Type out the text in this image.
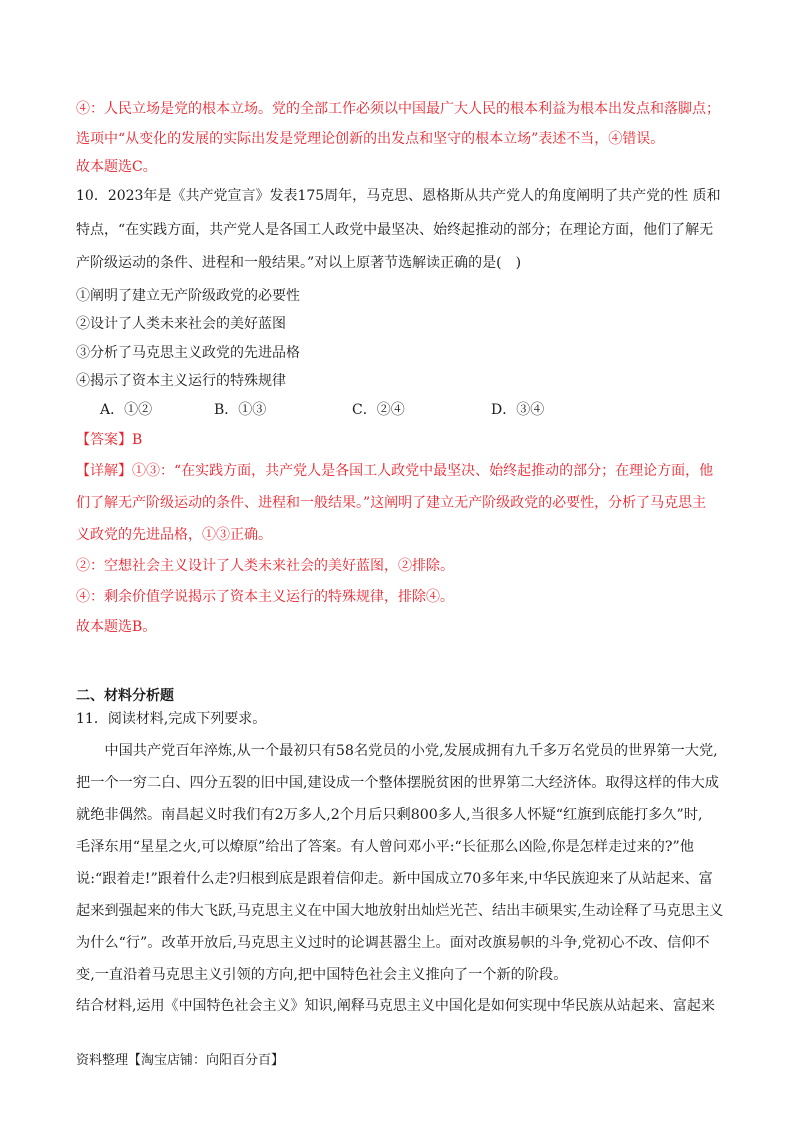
④：人民立场是党的根本立场。党的全部工作必须以中国最广大人民的根本利益为根本出发点和落脚点；
选项中“从变化的发展的实际出发是党理论创新的出发点和坚守的根本立场”表述不当，④错误。
故本题选C。
10．2023年是《共产党宣言》发表175周年，马克思、恩格斯从共产党人的角度阐明了共产党的性 质和
特点，“在实践方面，共产党人是各国工人政党中最坚决、始终起推动的部分；在理论方面，他们了解无
产阶级运动的条件、进程和一般结果。”对以上原著节选解读正确的是(　)
①阐明了建立无产阶级政党的必要性
②设计了人类未来社会的美好蓝图
③分析了马克思主义政党的先进品格
④揭示了资本主义运行的特殊规律
A．①②	B．①③	C．②④	D．③④
【答案】B
【详解】①③：“在实践方面，共产党人是各国工人政党中最坚决、始终起推动的部分；在理论方面，他
们了解无产阶级运动的条件、进程和一般结果。”这阐明了建立无产阶级政党的必要性，分析了马克思主
义政党的先进品格，①③正确。
②：空想社会主义设计了人类未来社会的美好蓝图，②排除。
④：剩余价值学说揭示了资本主义运行的特殊规律，排除④。
故本题选B。
二、材料分析题
11．阅读材料,完成下列要求。
　　中国共产党百年淬炼,从一个最初只有58名党员的小党,发展成拥有九千多万名党员的世界第一大党,
把一个一穷二白、四分五裂的旧中国,建设成一个整体摆脱贫困的世界第二大经济体。取得这样的伟大成
就绝非偶然。南昌起义时我们有2万多人,2个月后只剩800多人,当很多人怀疑“红旗到底能打多久”时,
毛泽东用“星星之火,可以燎原”给出了答案。有人曾问邓小平:“长征那么凶险,你是怎样走过来的?”他
说:“跟着走!”跟着什么走?归根到底是跟着信仰走。新中国成立70多年来,中华民族迎来了从站起来、富
起来到强起来的伟大飞跃,马克思主义在中国大地放射出灿烂光芒、结出丰硕果实,生动诠释了马克思主义
为什么“行”。改革开放后,马克思主义过时的论调甚嚣尘上。面对改旗易帜的斗争,党初心不改、信仰不
变,一直沿着马克思主义引领的方向,把中国特色社会主义推向了一个新的阶段。
结合材料,运用《中国特色社会主义》知识,阐释马克思主义中国化是如何实现中华民族从站起来、富起来
资料整理【淘宝店铺：向阳百分百】
